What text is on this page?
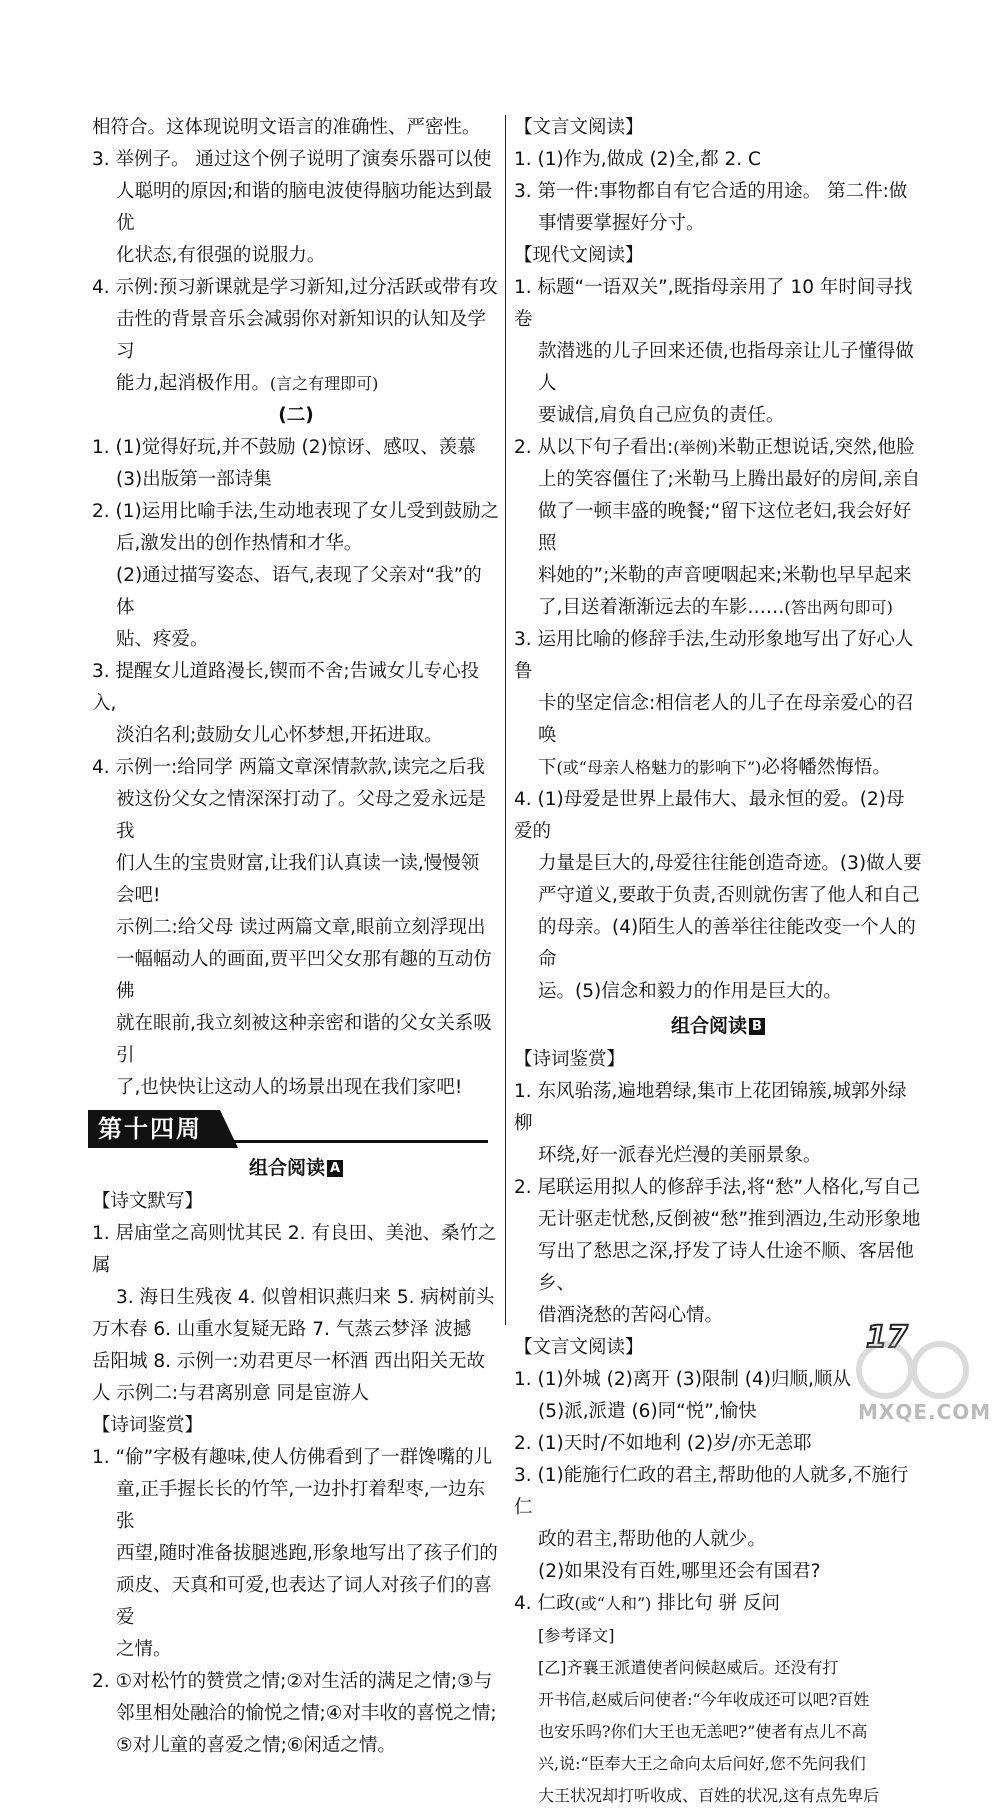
相符合。这体现说明文语言的准确性、严密性。

3. 举例子。 通过这个例子说明了演奏乐器可以使

人聪明的原因;和谐的脑电波使得脑功能达到最优

化状态,有很强的说服力。

4. 示例:预习新课就是学习新知,过分活跃或带有攻

击性的背景音乐会减弱你对新知识的认知及学习

能力,起消极作用。(言之有理即可)

(二)

1. (1)觉得好玩,并不鼓励 (2)惊讶、感叹、羡慕

(3)出版第一部诗集

2. (1)运用比喻手法,生动地表现了女儿受到鼓励之

后,激发出的创作热情和才华。

(2)通过描写姿态、语气,表现了父亲对“我”的体

贴、疼爱。

3. 提醒女儿道路漫长,锲而不舍;告诫女儿专心投入,

淡泊名利;鼓励女儿心怀梦想,开拓进取。

4. 示例一:给同学 两篇文章深情款款,读完之后我

被这份父女之情深深打动了。父母之爱永远是我

们人生的宝贵财富,让我们认真读一读,慢慢领

会吧!

示例二:给父母 读过两篇文章,眼前立刻浮现出

一幅幅动人的画面,贾平凹父女那有趣的互动仿佛

就在眼前,我立刻被这种亲密和谐的父女关系吸引

了,也快快让这动人的场景出现在我们家吧!

第十四周

组合阅读 A

【诗文默写】

1. 居庙堂之高则忧其民 2. 有良田、美池、桑竹之属

3. 海日生残夜 4. 似曾相识燕归来 5. 病树前头

万木春 6. 山重水复疑无路 7. 气蒸云梦泽 波撼

岳阳城 8. 示例一:劝君更尽一杯酒 西出阳关无故

人 示例二:与君离别意 同是宦游人

【诗词鉴赏】

1. “偷”字极有趣味,使人仿佛看到了一群馋嘴的儿

童,正手握长长的竹竿,一边扑打着犁枣,一边东张

西望,随时准备拔腿逃跑,形象地写出了孩子们的

顽皮、天真和可爱,也表达了词人对孩子们的喜爱

之情。

2. ①对松竹的赞赏之情;②对生活的满足之情;③与

邻里相处融洽的愉悦之情;④对丰收的喜悦之情;

⑤对儿童的喜爱之情;⑥闲适之情。

【文言文阅读】

1. (1)作为,做成 (2)全,都 2. C

3. 第一件:事物都自有它合适的用途。 第二件:做

事情要掌握好分寸。

【现代文阅读】

1. 标题“一语双关”,既指母亲用了 10 年时间寻找卷

款潜逃的儿子回来还债,也指母亲让儿子懂得做人

要诚信,肩负自己应负的责任。

2. 从以下句子看出:(举例)米勒正想说话,突然,他脸

上的笑容僵住了;米勒马上腾出最好的房间,亲自

做了一顿丰盛的晚餐;“留下这位老妇,我会好好照

料她的”;米勒的声音哽咽起来;米勒也早早起来

了,目送着渐渐远去的车影……(答出两句即可)

3. 运用比喻的修辞手法,生动形象地写出了好心人鲁

卡的坚定信念:相信老人的儿子在母亲爱心的召唤

下(或“母亲人格魅力的影响下”)必将幡然悔悟。

4. (1)母爱是世界上最伟大、最永恒的爱。(2)母爱的

力量是巨大的,母爱往往能创造奇迹。(3)做人要

严守道义,要敢于负责,否则就伤害了他人和自己

的母亲。(4)陌生人的善举往往能改变一个人的命

运。(5)信念和毅力的作用是巨大的。

组合阅读 B

【诗词鉴赏】

1. 东风骀荡,遍地碧绿,集市上花团锦簇,城郭外绿柳

环绕,好一派春光烂漫的美丽景象。

2. 尾联运用拟人的修辞手法,将“愁”人格化,写自己

无计驱走忧愁,反倒被“愁”推到酒边,生动形象地

写出了愁思之深,抒发了诗人仕途不顺、客居他乡、

借酒浇愁的苦闷心情。

【文言文阅读】

1. (1)外城 (2)离开 (3)限制 (4)归顺,顺从

(5)派,派遣 (6)同“悦”,愉快

2. (1)天时/不如地利 (2)岁/亦无恙耶

3. (1)能施行仁政的君主,帮助他的人就多,不施行仁

政的君主,帮助他的人就少。

(2)如果没有百姓,哪里还会有国君?

4. 仁政(或“人和”) 排比句 骈 反问

[参考译文]

[乙]齐襄王派遣使者问候赵威后。还没有打

开书信,赵威后问使者:“今年收成还可以吧?百姓

也安乐吗?你们大王也无恙吧?”使者有点儿不高

兴,说:“臣奉大王之命向太后问好,您不先问我们

大王状况却打听收成、百姓的状况,这有点先卑后

17
MXQE.COM
